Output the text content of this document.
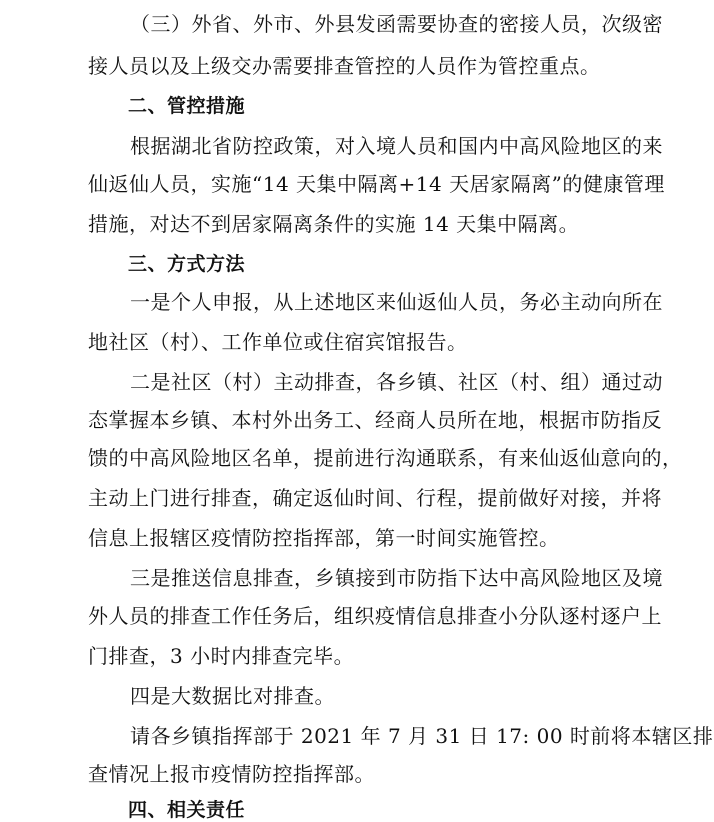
（三）外省、外市、外县发函需要协查的密接人员，次级密
接人员以及上级交办需要排查管控的人员作为管控重点。
二、管控措施
根据湖北省防控政策，对入境人员和国内中高风险地区的来
仙返仙人员，实施“14 天集中隔离+14 天居家隔离”的健康管理
措施，对达不到居家隔离条件的实施 14 天集中隔离。
三、方式方法
一是个人申报，从上述地区来仙返仙人员，务必主动向所在
地社区（村）、工作单位或住宿宾馆报告。
二是社区（村）主动排查，各乡镇、社区（村、组）通过动
态掌握本乡镇、本村外出务工、经商人员所在地，根据市防指反
馈的中高风险地区名单，提前进行沟通联系，有来仙返仙意向的，
主动上门进行排查，确定返仙时间、行程，提前做好对接，并将
信息上报辖区疫情防控指挥部，第一时间实施管控。
三是推送信息排查，乡镇接到市防指下达中高风险地区及境
外人员的排查工作任务后，组织疫情信息排查小分队逐村逐户上
门排查，3 小时内排查完毕。
四是大数据比对排查。
请各乡镇指挥部于 2021 年 7 月 31 日 17: 00 时前将本辖区排
查情况上报市疫情防控指挥部。
四、相关责任
